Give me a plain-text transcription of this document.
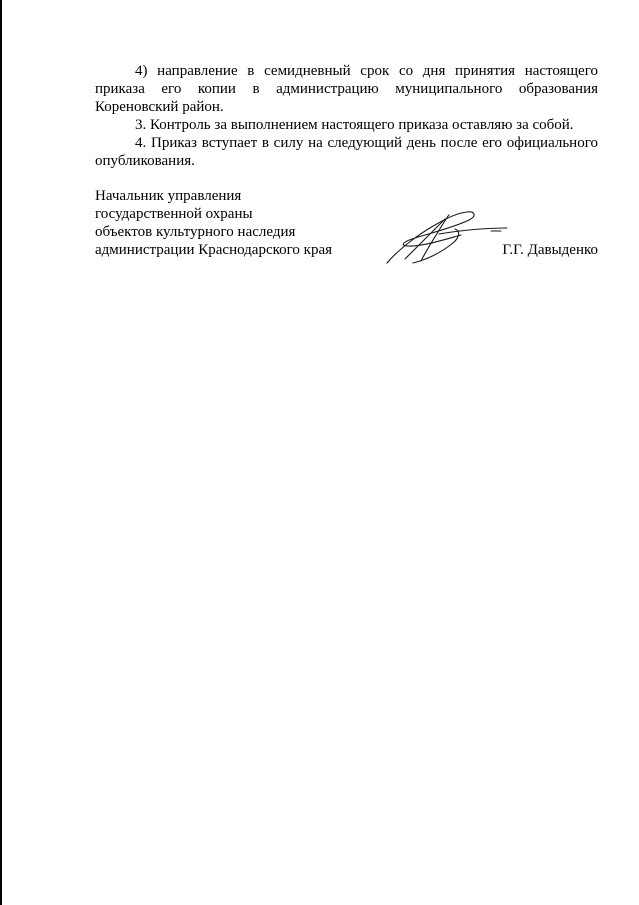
4) направление в семидневный срок со дня принятия настоящего приказа его копии в администрацию муниципального образования Кореновский район.

3. Контроль за выполнением настоящего приказа оставляю за собой.

4. Приказ вступает в силу на следующий день после его официального опубликования.

Начальник управления
государственной охраны
объектов культурного наследия
администрации Краснодарского края	Г.Г. Давыденко
